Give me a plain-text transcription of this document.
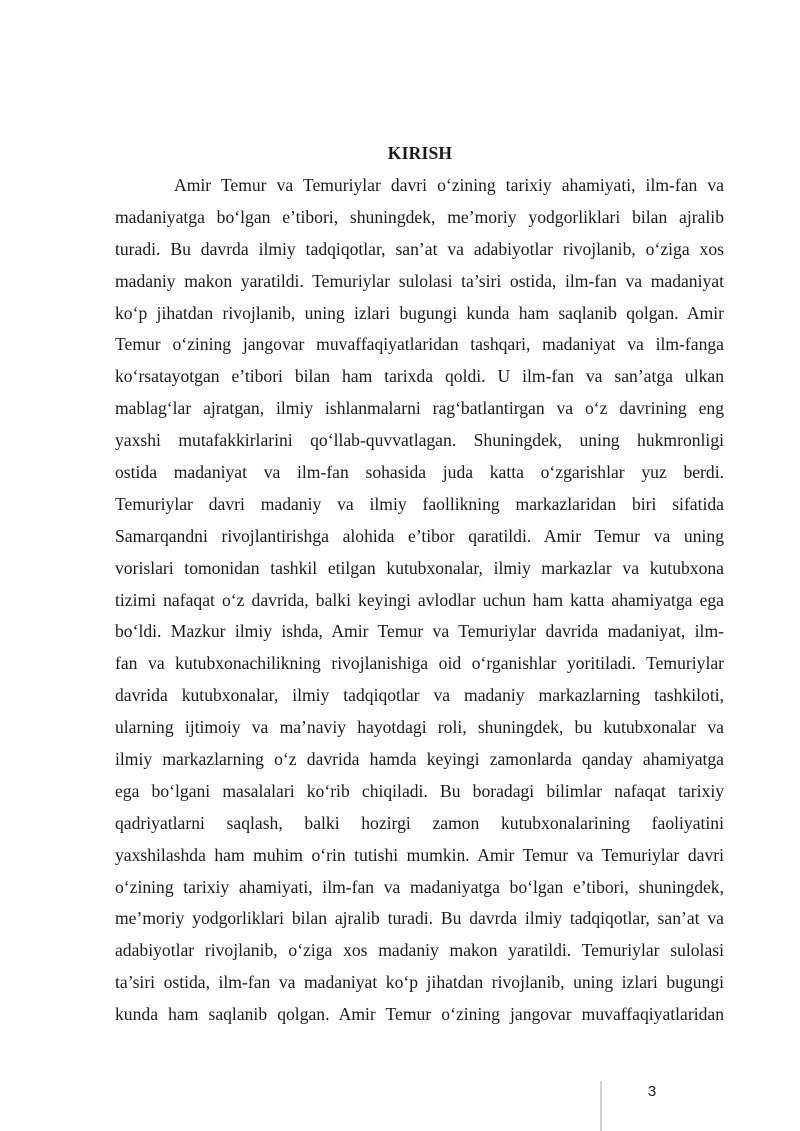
KIRISH
Amir Temur va Temuriylar davri o‘zining tarixiy ahamiyati, ilm-fan va
madaniyatga bo‘lgan e’tibori, shuningdek, me’moriy yodgorliklari bilan ajralib
turadi. Bu davrda ilmiy tadqiqotlar, san’at va adabiyotlar rivojlanib, o‘ziga xos
madaniy makon yaratildi. Temuriylar sulolasi ta’siri ostida, ilm-fan va madaniyat
ko‘p jihatdan rivojlanib, uning izlari bugungi kunda ham saqlanib qolgan. Amir
Temur o‘zining jangovar muvaffaqiyatlaridan tashqari, madaniyat va ilm-fanga
ko‘rsatayotgan e’tibori bilan ham tarixda qoldi. U ilm-fan va san’atga ulkan
mablag‘lar ajratgan, ilmiy ishlanmalarni rag‘batlantirgan va o‘z davrining eng
yaxshi mutafakkirlarini qo‘llab-quvvatlagan. Shuningdek, uning hukmronligi
ostida madaniyat va ilm-fan sohasida juda katta o‘zgarishlar yuz berdi.
Temuriylar davri madaniy va ilmiy faollikning markazlaridan biri sifatida
Samarqandni rivojlantirishga alohida e’tibor qaratildi. Amir Temur va uning
vorislari tomonidan tashkil etilgan kutubxonalar, ilmiy markazlar va kutubxona
tizimi nafaqat o‘z davrida, balki keyingi avlodlar uchun ham katta ahamiyatga ega
bo‘ldi. Mazkur ilmiy ishda, Amir Temur va Temuriylar davrida madaniyat, ilm-
fan va kutubxonachilikning rivojlanishiga oid o‘rganishlar yoritiladi. Temuriylar
davrida kutubxonalar, ilmiy tadqiqotlar va madaniy markazlarning tashkiloti,
ularning ijtimoiy va ma’naviy hayotdagi roli, shuningdek, bu kutubxonalar va
ilmiy markazlarning o‘z davrida hamda keyingi zamonlarda qanday ahamiyatga
ega bo‘lgani masalalari ko‘rib chiqiladi. Bu boradagi bilimlar nafaqat tarixiy
qadriyatlarni saqlash, balki hozirgi zamon kutubxonalarining faoliyatini
yaxshilashda ham muhim o‘rin tutishi mumkin. Amir Temur va Temuriylar davri
o‘zining tarixiy ahamiyati, ilm-fan va madaniyatga bo‘lgan e’tibori, shuningdek,
me’moriy yodgorliklari bilan ajralib turadi. Bu davrda ilmiy tadqiqotlar, san’at va
adabiyotlar rivojlanib, o‘ziga xos madaniy makon yaratildi. Temuriylar sulolasi
ta’siri ostida, ilm-fan va madaniyat ko‘p jihatdan rivojlanib, uning izlari bugungi
kunda ham saqlanib qolgan. Amir Temur o‘zining jangovar muvaffaqiyatlaridan
3
